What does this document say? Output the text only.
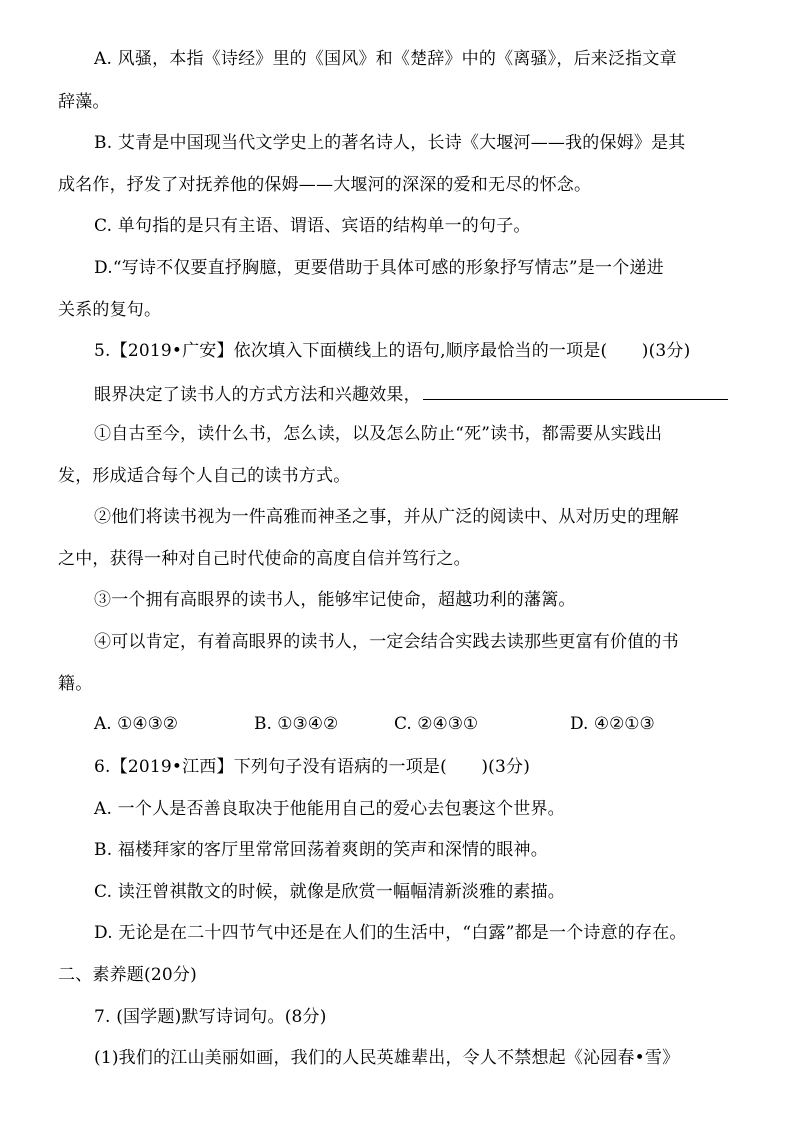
A. 风骚，本指《诗经》里的《国风》和《楚辞》中的《离骚》，后来泛指文章
辞藻。
B. 艾青是中国现当代文学史上的著名诗人，长诗《大堰河——我的保姆》是其
成名作，抒发了对抚养他的保姆——大堰河的深深的爱和无尽的怀念。
C. 单句指的是只有主语、谓语、宾语的结构单一的句子。
D.“写诗不仅要直抒胸臆，更要借助于具体可感的形象抒写情志”是一个递进
关系的复句。
5.【2019•广安】依次填入下面横线上的语句,顺序最恰当的一项是(　　)(3分)
眼界决定了读书人的方式方法和兴趣效果，
①自古至今，读什么书，怎么读，以及怎么防止“死”读书，都需要从实践出
发，形成适合每个人自己的读书方式。
②他们将读书视为一件高雅而神圣之事，并从广泛的阅读中、从对历史的理解
之中，获得一种对自己时代使命的高度自信并笃行之。
③一个拥有高眼界的读书人，能够牢记使命，超越功利的藩篱。
④可以肯定，有着高眼界的读书人，一定会结合实践去读那些更富有价值的书
籍。
A. ①④③②	B. ①③④②	C. ②④③①	D. ④②①③
6.【2019•江西】下列句子没有语病的一项是(　　)(3分)
A. 一个人是否善良取决于他能用自己的爱心去包裹这个世界。
B. 福楼拜家的客厅里常常回荡着爽朗的笑声和深情的眼神。
C. 读汪曾祺散文的时候，就像是欣赏一幅幅清新淡雅的素描。
D. 无论是在二十四节气中还是在人们的生活中，“白露”都是一个诗意的存在。
二、素养题(20分)
7. (国学题)默写诗词句。(8分)
(1)我们的江山美丽如画，我们的人民英雄辈出，令人不禁想起《沁园春•雪》
